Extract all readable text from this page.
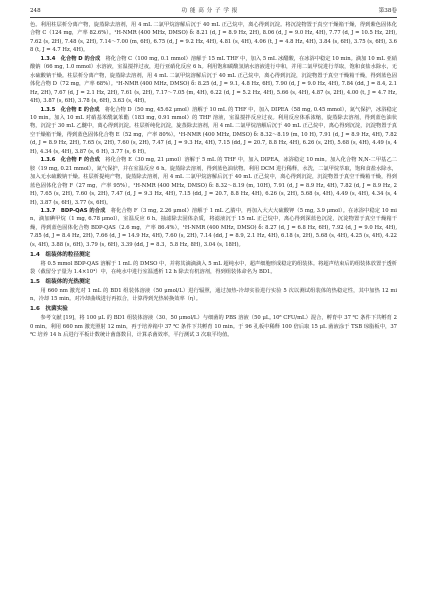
248	功 能 高 分 子 学 报	第38卷

色。利用柱层析分离产物，旋蒸除去溶剂，用 4 mL 二氯甲烷溶解后沉于 40 mL 正己烷中，离心得到沉淀。将沉淀物置于真空干燥箱干燥，得到紫色固体化合物 C（124 mg，产率 82.6%）。¹H-NMR (400 MHz, DMSO) δ: 8.21 (d, J = 8.9 Hz, 2H), 8.06 (d, J = 9.0 Hz, 4H), 7.77 (d, J = 10.5 Hz, 2H), 7.62 (s, 2H), 7.48 (s, 2H), 7.14～7.00 (m, 6H), 6.75 (d, J = 9.2 Hz, 4H), 4.81 (s, 4H), 4.06 (t, J = 4.8 Hz, 4H), 3.84 (s, 6H), 3.75 (s, 6H), 3.68 (t, J = 4.7 Hz, 4H)。

1.3.4　化合物 D 的合成　将化合物 C（100 mg, 0.1 mmol）溶解于 15 mL THF 中，加入 5 mL 冰醋酸，在冰浴中稳定 10 min。滴加 10 mL 亚硝酸钠（66 mg, 1.0 mmol）水溶液，室温搅拌过夜，进行亚硝化反应 6 h。利用饱和碳酸氢钠水溶液进行中和，并用二氯甲烷进行萃取，饱和食盐水除水，无水硫酸钠干燥。柱层析分离产物，旋蒸除去溶剂，用 4 mL 二氯甲烷溶解后沉于 40 mL 正己烷中，离心得到沉淀，沉淀物置于真空干燥箱干燥，得到蓝色固体化合物 D（72 mg，产率 68%）。¹H-NMR (400 MHz, DMSO) δ: 8.25 (d, J = 9.1, 4.8 Hz, 6H), 7.90 (d, J = 9.0 Hz, 4H), 7.84 (dd, J = 8.4, 2.1 Hz, 2H), 7.67 (d, J = 2.1 Hz, 2H), 7.61 (s, 2H), 7.17～7.05 (m, 4H), 6.22 (d, J = 5.2 Hz, 4H), 5.66 (s, 4H), 4.87 (s, 2H), 4.00 (t, J = 4.7 Hz, 4H), 3.87 (s, 6H), 3.78 (s, 6H), 3.63 (s, 4H)。

1.3.5　化合物 E 的合成　将化合物 D（50 mg, 45.62 μmol）溶解于 10 mL 的 THF 中，加入 DIPEA（58 mg, 0.45 mmol），氮气保护，冰浴稳定 10 min。加入 10 mL 对硝基苯酰氯苯酯（183 mg, 0.91 mmol）的 THF 溶液，室温搅拌反应过夜。利用反应体系浓缩，旋蒸除去溶剂，得到蓝色油状物，沉淀于 30 mL 乙醚中，离心得到沉淀。柱层析纯化沉淀，旋蒸除去溶剂，用 4 mL 二氯甲烷溶解后沉于 40 mL 正己烷中，离心得到沉淀，沉淀物置于真空干燥箱干燥，得到蓝色固体化合物 E（52 mg，产率 80%）。¹H-NMR (400 MHz, DMSO) δ: 8.32～8.19 (m, 10 H), 7.91 (d, J = 8.9 Hz, 4H), 7.82 (d, J = 8.9 Hz, 2H), 7.65 (s, 2H), 7.60 (s, 2H), 7.47 (d, J = 9.3 Hz, 4H), 7.15 (dd, J = 20.7, 8.8 Hz, 4H), 6.26 (s, 2H), 5.68 (s, 4H), 4.49 (s, 4H), 4.34 (s, 4H), 3.87 (s, 6 H), 3.77 (s, 6 H)。

1.3.6　化合物 F 的合成　将化合物 E（30 mg, 21 μmol）溶解于 5 mL 的 THF 中，加入 DIPEA，冰浴稳定 10 min。加入化合物 N,N-二甲基乙二胺（19 mg, 0.21 mmol），氮气保护，并在室温反应 6 h。旋蒸除去溶剂，得到蓝色油状物。利用 DCM 进行稀释，水洗，二氯甲烷萃取，饱和食盐水除水，加入无水硫酸钠干燥。柱层析提纯产物，旋蒸除去溶剂，用 4 mL 二氯甲烷溶解后沉于 40 mL 正己烷中，离心得到沉淀，沉淀物置于真空干燥箱干燥，得到蓝色固体化合物 F（27 mg，产率 95%）。¹H-NMR (400 MHz, DMSO) δ: 8.32～8.19 (m, 10H), 7.91 (d, J = 8.9 Hz, 4H), 7.82 (d, J = 8.9 Hz, 2H), 7.65 (s, 2H), 7.60 (s, 2H), 7.47 (d, J = 9.3 Hz, 4H), 7.15 (dd, J = 20.7, 8.8 Hz, 4H), 6.26 (s, 2H), 5.68 (s, 4H), 4.49 (s, 4H), 4.34 (s, 4H), 3.87 (s, 6H), 3.77 (s, 6H)。

1.3.7　BDP-QAS 的合成　将化合物 F（3 mg, 2.26 μmol）溶解于 1 mL 乙腈中，再加入大大大硫酸钾（5 mg, 3.9 μmol）。在冰浴中稳定 10 min，滴加碘甲烷（1 mg, 6.78 μmol），室温反应 6 h。抽滤除去固体杂质，将滤液沉于 15 mL 正己烷中，离心得到深蓝色沉淀，沉淀物置于真空干燥箱干燥，得到蓝色固体化合物 BDP-QAS（2.6 mg，产率 86.4%）。¹H-NMR (400 MHz, DMSO) δ: 8.27 (d, J = 6.8 Hz, 6H), 7.92 (d, J = 9.0 Hz, 4H), 7.85 (d, J = 8.4 Hz, 2H), 7.66 (d, J = 14.9 Hz, 4H), 7.60 (s, 2H), 7.14 (dd, J = 8.9, 2.1 Hz, 4H), 6.18 (s, 2H), 5.68 (s, 4H), 4.25 (s, 4H), 4.22 (s, 4H), 3.88 (s, 6H), 3.79 (s, 6H), 3.39 (dd, J = 8.3，5.8 Hz, 8H), 3.04 (s, 18H)。

1.4　组装体的粒径测定

将 0.5 mmol BDP-QAS 溶解于 1 mL 的 DMSO 中，并将其滴滴滴入 5 mL 超纯水中，超声细胞形成稳定的组装体。将超声结束后的组装体放置于透析袋（截留分子量为 1.4×10⁴）中，在纯水中进行室温透析 12 h 除去有机溶剂，得到组装体命名为 BD1。

1.5　组装体的光热测定

用 660 nm 激光对 1 mL 的 BD1 组装体溶液（50 μmol/L）进行辐照，通过加热-冷却实验进行实验 5 次以测试组装体的热稳定性，其中加热 12 min，冷却 15 min。对冷却曲线进行再拟合，计算得到光热转换效率（η）。

1.6　抗菌实验

参考文献 [19]，将 100 μL 的 BD1 组装体溶液（30、50 μmol/L）与细菌的 PBS 溶液（50 μL, 10⁸ CFU/mL）混合，孵育中 37 ℃ 条件下共孵育 20 min。利用 660 nm 激光照射 12 min，再于培养箱中 37 ℃ 条件下共孵育 10 min。于 96 孔板中稀释 100 倍后取 15 μL 菌液涂于 TSB 琼脂板中，37 ℃ 培养 14 h 后进行平板计数统计菌落数目，计算杀菌效率，平行测试 3 次取平均值。
